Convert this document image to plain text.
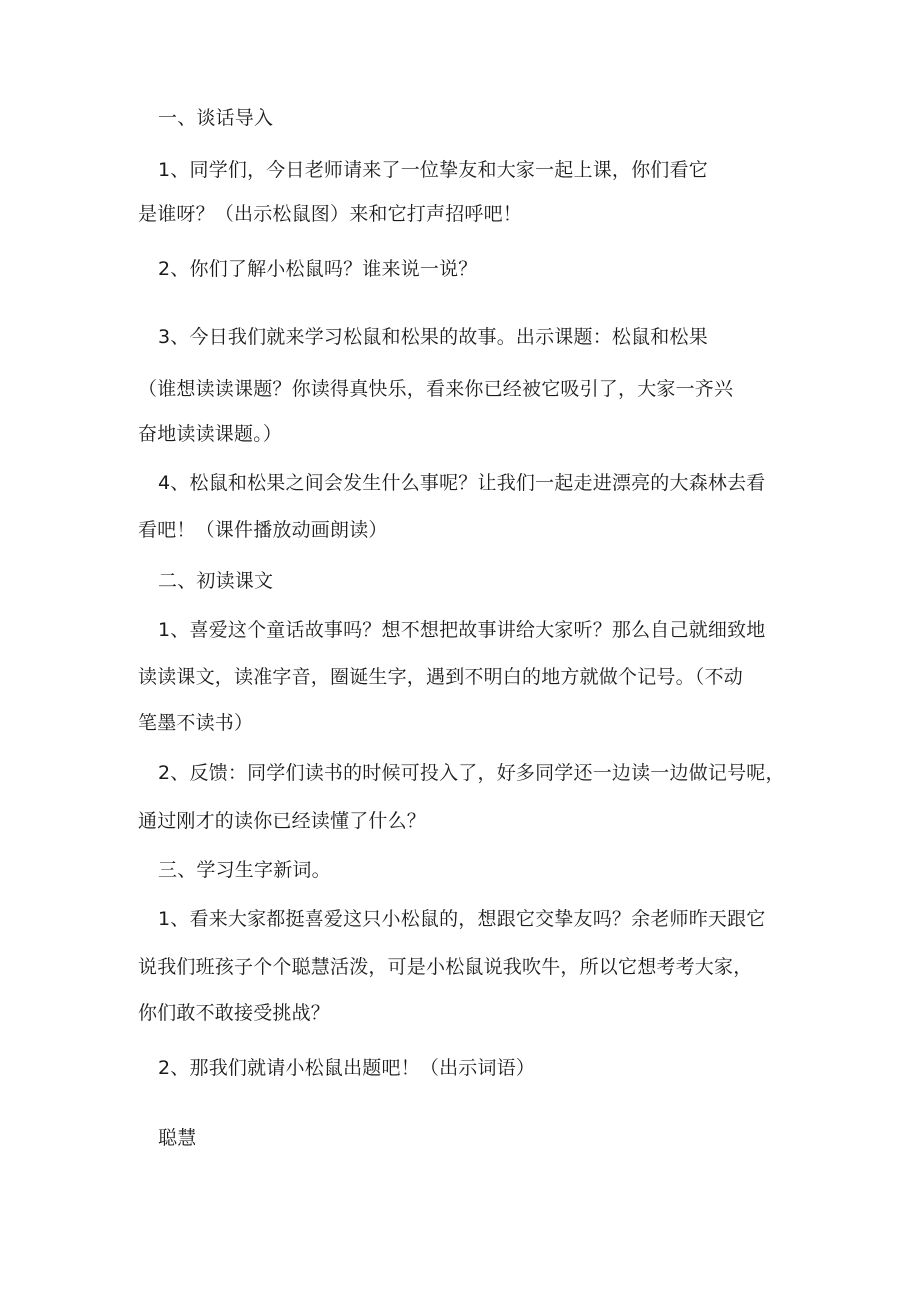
一、谈话导入
1、同学们，今日老师请来了一位挚友和大家一起上课，你们看它
是谁呀？（出示松鼠图）来和它打声招呼吧！
2、你们了解小松鼠吗？谁来说一说？
3、今日我们就来学习松鼠和松果的故事。出示课题：松鼠和松果
（谁想读读课题？你读得真快乐，看来你已经被它吸引了，大家一齐兴
奋地读读课题。）
4、松鼠和松果之间会发生什么事呢？让我们一起走进漂亮的大森林去看
看吧！（课件播放动画朗读）
二、初读课文
1、喜爱这个童话故事吗？想不想把故事讲给大家听？那么自己就细致地
读读课文，读准字音，圈诞生字，遇到不明白的地方就做个记号。（不动
笔墨不读书）
2、反馈：同学们读书的时候可投入了，好多同学还一边读一边做记号呢，
通过刚才的读你已经读懂了什么？
三、学习生字新词。
1、看来大家都挺喜爱这只小松鼠的，想跟它交挚友吗？余老师昨天跟它
说我们班孩子个个聪慧活泼，可是小松鼠说我吹牛，所以它想考考大家，
你们敢不敢接受挑战？
2、那我们就请小松鼠出题吧！（出示词语）
聪慧
